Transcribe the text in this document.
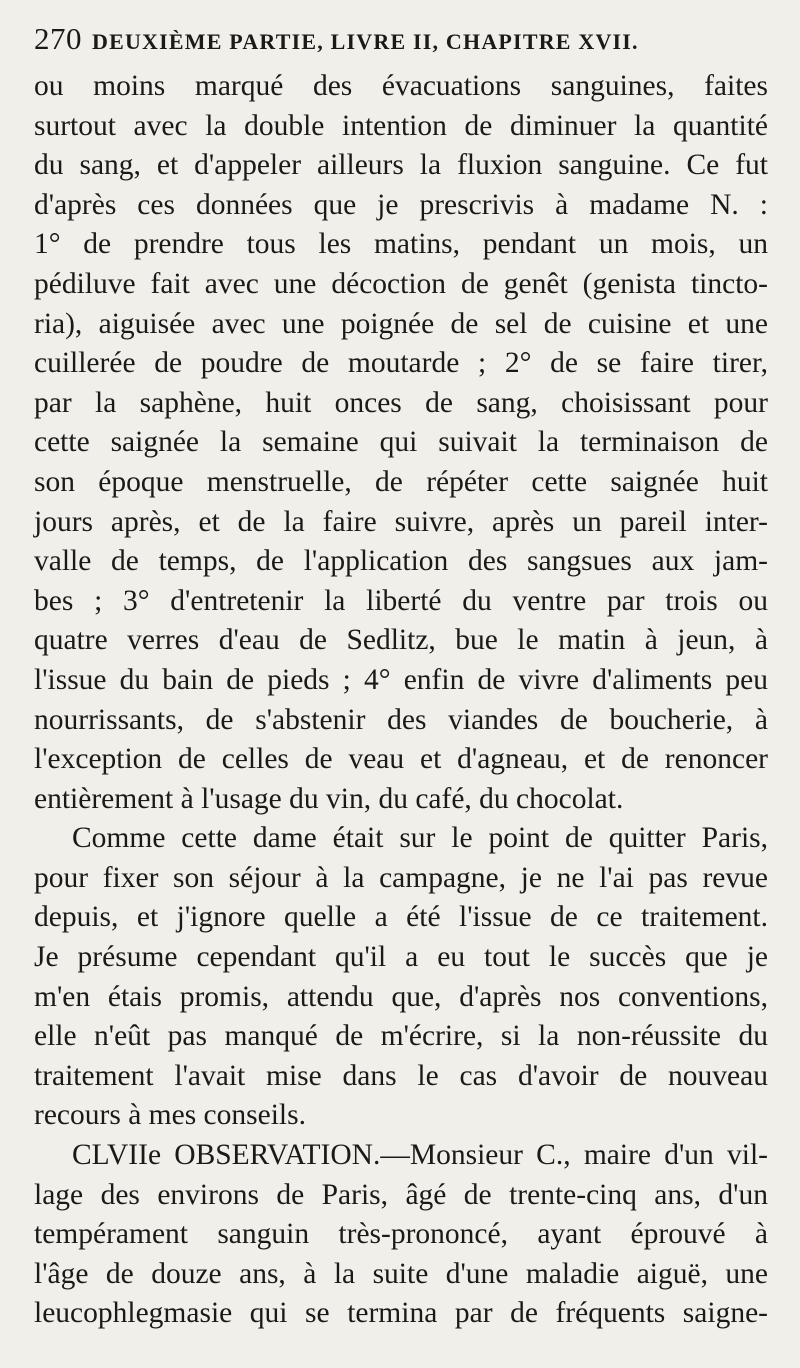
270 DEUXIÈME PARTIE, LIVRE II, CHAPITRE XVII.
ou moins marqué des évacuations sanguines, faites
surtout avec la double intention de diminuer la quantité
du sang, et d'appeler ailleurs la fluxion sanguine. Ce fut
d'après ces données que je prescrivis à madame N. :
1° de prendre tous les matins, pendant un mois, un
pédiluve fait avec une décoction de genêt (genista tincto-
ria), aiguisée avec une poignée de sel de cuisine et une
cuillerée de poudre de moutarde ; 2° de se faire tirer,
par la saphène, huit onces de sang, choisissant pour
cette saignée la semaine qui suivait la terminaison de
son époque menstruelle, de répéter cette saignée huit
jours après, et de la faire suivre, après un pareil inter-
valle de temps, de l'application des sangsues aux jam-
bes ; 3° d'entretenir la liberté du ventre par trois ou
quatre verres d'eau de Sedlitz, bue le matin à jeun, à
l'issue du bain de pieds ; 4° enfin de vivre d'aliments peu
nourrissants, de s'abstenir des viandes de boucherie, à
l'exception de celles de veau et d'agneau, et de renoncer
entièrement à l'usage du vin, du café, du chocolat.
Comme cette dame était sur le point de quitter Paris,
pour fixer son séjour à la campagne, je ne l'ai pas revue
depuis, et j'ignore quelle a été l'issue de ce traitement.
Je présume cependant qu'il a eu tout le succès que je
m'en étais promis, attendu que, d'après nos conventions,
elle n'eût pas manqué de m'écrire, si la non-réussite du
traitement l'avait mise dans le cas d'avoir de nouveau
recours à mes conseils.
CLVIIe OBSERVATION.—Monsieur C., maire d'un vil-
lage des environs de Paris, âgé de trente-cinq ans, d'un
tempérament sanguin très-prononcé, ayant éprouvé à
l'âge de douze ans, à la suite d'une maladie aiguë, une
leucophlegmasie qui se termina par de fréquents saigne-
